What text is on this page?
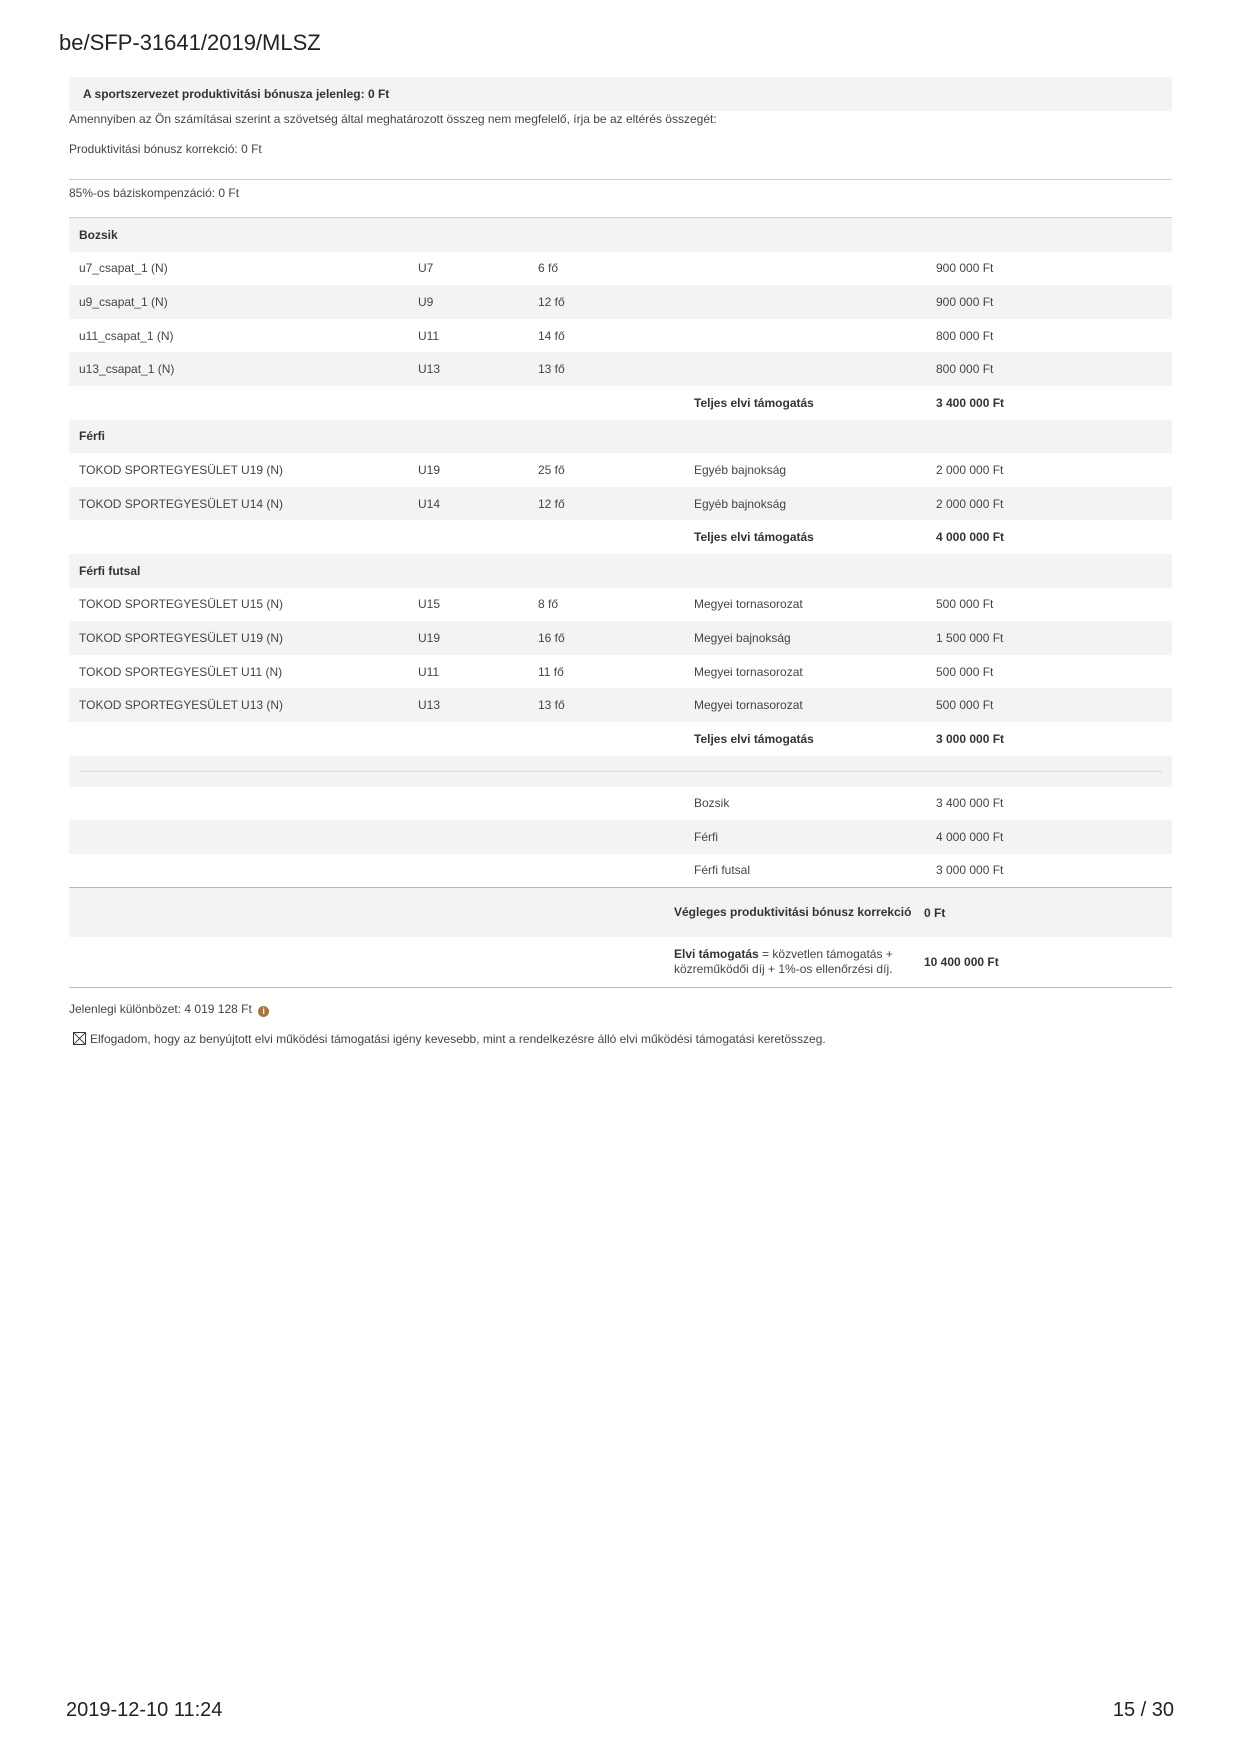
be/SFP-31641/2019/MLSZ
A sportszervezet produktivitási bónusza jelenleg: 0 Ft
Amennyiben az Ön számításai szerint a szövetség által meghatározott összeg nem megfelelő, írja be az eltérés összegét:
Produktivitási bónusz korrekció: 0 Ft
85%-os báziskompenzáció: 0 Ft
Bozsik				
u7_csapat_1 (N)	U7	6 fő		900 000 Ft
u9_csapat_1 (N)	U9	12 fő		900 000 Ft
u11_csapat_1 (N)	U11	14 fő		800 000 Ft
u13_csapat_1 (N)	U13	13 fő		800 000 Ft
			Teljes elvi támogatás	3 400 000 Ft
Férfi				
TOKOD SPORTEGYESÜLET U19 (N)	U19	25 fő	Egyéb bajnokság	2 000 000 Ft
TOKOD SPORTEGYESÜLET U14 (N)	U14	12 fő	Egyéb bajnokság	2 000 000 Ft
			Teljes elvi támogatás	4 000 000 Ft
Férfi futsal				
TOKOD SPORTEGYESÜLET U15 (N)	U15	8 fő	Megyei tornasorozat	500 000 Ft
TOKOD SPORTEGYESÜLET U19 (N)	U19	16 fő	Megyei bajnokság	1 500 000 Ft
TOKOD SPORTEGYESÜLET U11 (N)	U11	11 fő	Megyei tornasorozat	500 000 Ft
TOKOD SPORTEGYESÜLET U13 (N)	U13	13 fő	Megyei tornasorozat	500 000 Ft
			Teljes elvi támogatás	3 000 000 Ft
	Bozsik	3 400 000 Ft
	Férfi	4 000 000 Ft
	Férfi futsal	3 000 000 Ft
	Végleges produktivitási bónusz korrekció	0 Ft
	Elvi támogatás = közvetlen támogatás + közreműködői díj + 1%-os ellenőrzési díj.	10 400 000 Ft
Jelenlegi különbözet: 4 019 128 Ft i
Elfogadom, hogy az benyújtott elvi működési támogatási igény kevesebb, mint a rendelkezésre álló elvi működési támogatási keretösszeg.
2019-12-10 11:24	15 / 30
